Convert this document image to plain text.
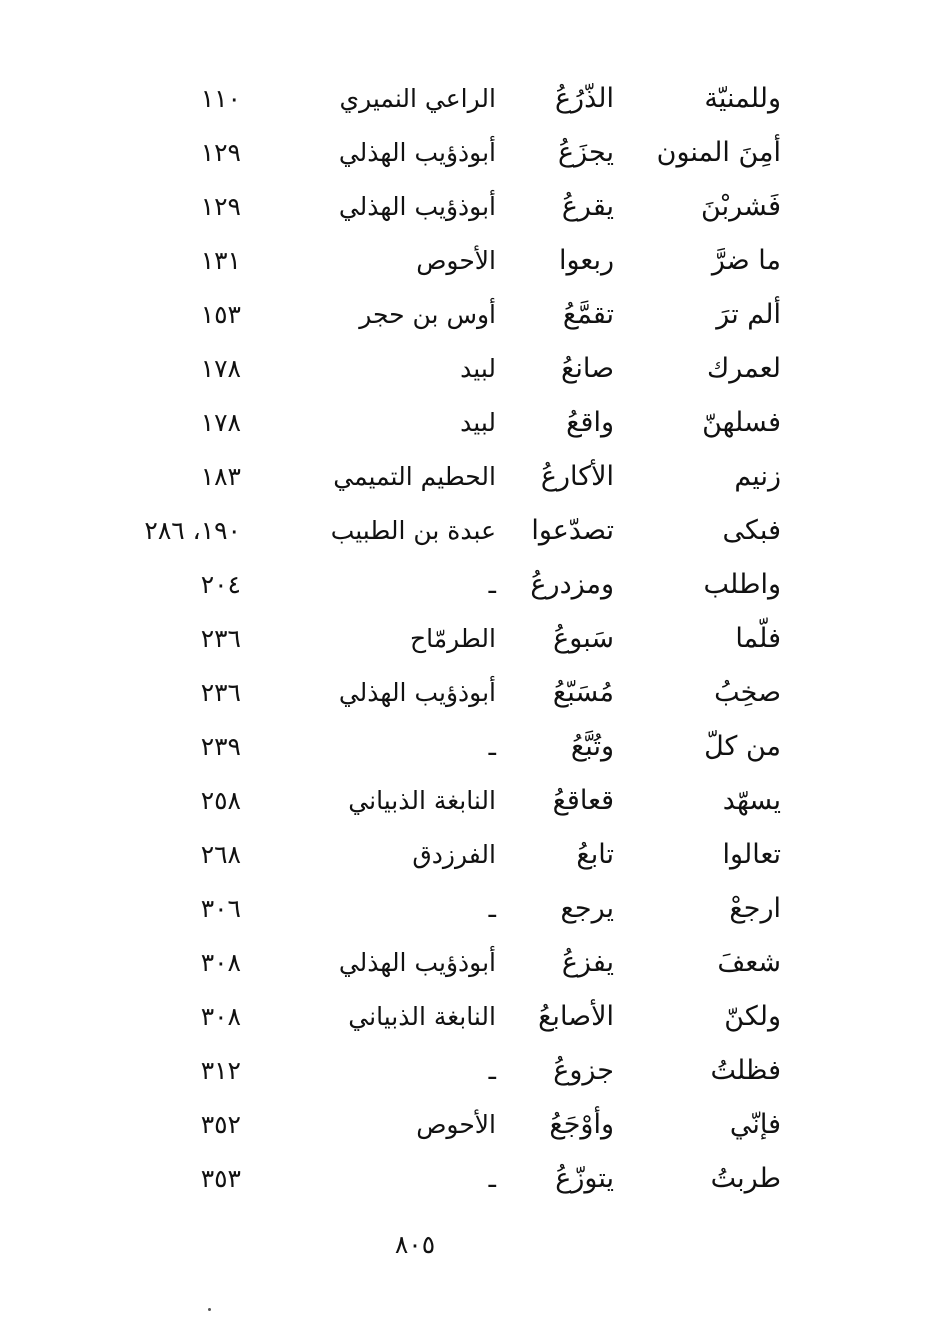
وللمنيّة
الذّرُعُ
الراعي النميري
١١٠
أمِنَ المنون
يجزَعُ
أبوذؤيب الهذلي
١٢٩
فَشربْنَ
يقرعُ
أبوذؤيب الهذلي
١٢٩
ما ضرَّ
ربعوا
الأحوص
١٣١
ألم ترَ
تقمَّعُ
أوس بن حجر
١٥٣
لعمرك
صانعُ
لبيد
١٧٨
فسلهنّ
واقعُ
لبيد
١٧٨
زنيم
الأكارعُ
الحطيم التميمي
١٨٣
فبكى
تصدّعوا
عبدة بن الطبيب
١٩٠، ٢٨٦
واطلب
ومزدرعُ
ـ
٢٠٤
فلّما
سَبوعُ
الطرمّاح
٢٣٦
صخِبُ
مُسَبّعُ
أبوذؤيب الهذلي
٢٣٦
من كلّ
وتُبَّعُ
ـ
٢٣٩
يسهّد
قعاقعُ
النابغة الذبياني
٢٥٨
تعالوا
تابعُ
الفرزدق
٢٦٨
ارجعْ
يرجع
ـ
٣٠٦
شعفَ
يفزعُ
أبوذؤيب الهذلي
٣٠٨
ولكنّ
الأصابعُ
النابغة الذبياني
٣٠٨
فظلتُ
جزوعُ
ـ
٣١٢
فإنّي
وأوْجَعُ
الأحوص
٣٥٢
طربتُ
يتوزّعُ
ـ
٣٥٣
٨٠٥
